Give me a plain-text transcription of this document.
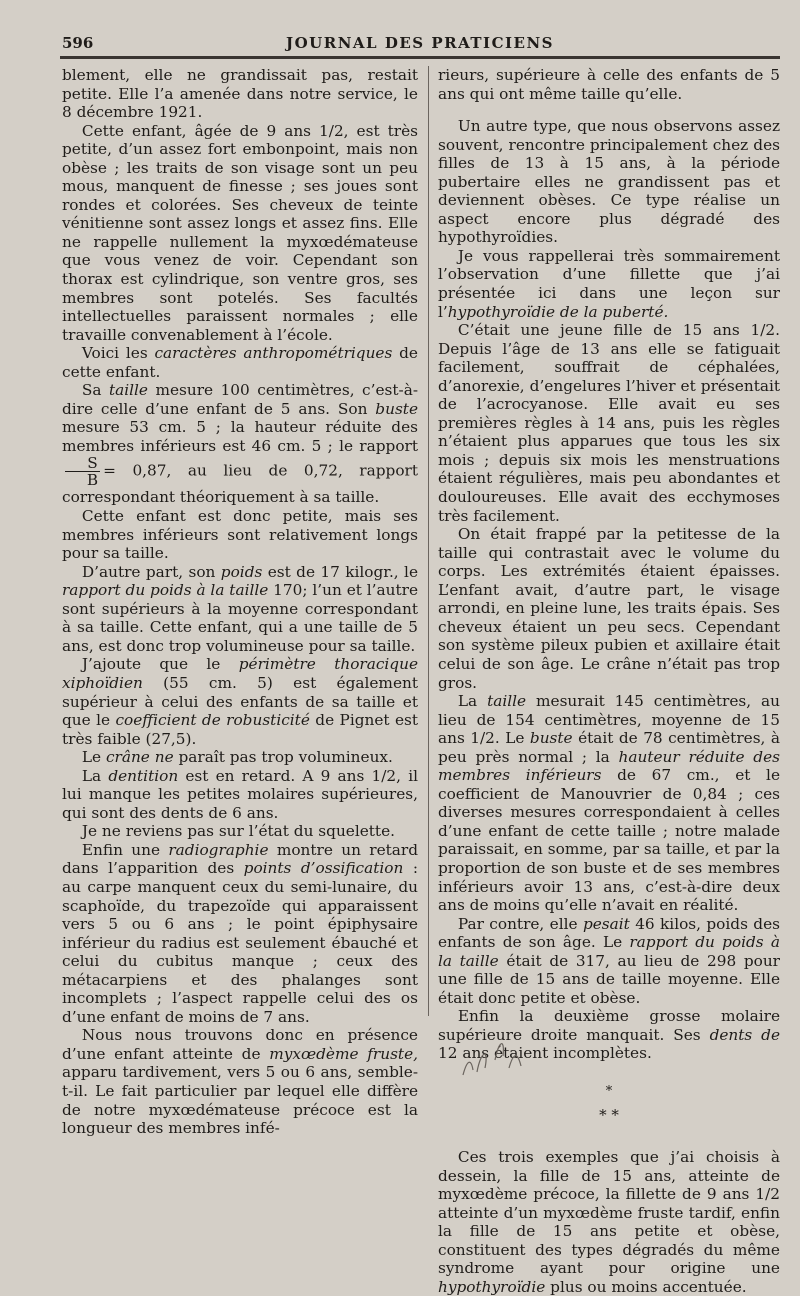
596	JOURNAL DES PRATICIENS

blement, elle ne grandissait pas, restait petite. Elle l’a amenée dans notre service, le 8 décembre 1921.

Cette enfant, âgée de 9 ans 1/2, est très petite, d’un assez fort embonpoint, mais non obèse ; les traits de son visage sont un peu mous, manquent de finesse ; ses joues sont rondes et colorées. Ses cheveux de teinte vénitienne sont assez longs et assez fins. Elle ne rappelle nullement la myxœdémateuse que vous venez de voir. Cependant son thorax est cylindrique, son ventre gros, ses membres sont potelés. Ses facultés intellectuelles paraissent normales ; elle travaille convenablement à l’école.

Voici les caractères anthropométriques de cette enfant.

Sa taille mesure 100 centimètres, c’est-à-dire celle d’une enfant de 5 ans. Son buste mesure 53 cm. 5 ; la hauteur réduite des membres inférieurs est 46 cm. 5 ; le rapport
$\frac{S}{B} = 0,87$, au lieu de 0,72, rapport correspondant théoriquement à sa taille.

Cette enfant est donc petite, mais ses membres inférieurs sont relativement longs pour sa taille.

D’autre part, son poids est de 17 kilogr., le rapport du poids à la taille 170; l’un et l’autre sont supérieurs à la moyenne correspondant à sa taille. Cette enfant, qui a une taille de 5 ans, est donc trop volumineuse pour sa taille.

J’ajoute que le périmètre thoracique xiphoïdien (55 cm. 5) est également supérieur à celui des enfants de sa taille et que le coefficient de robusticité de Pignet est très faible (27,5).

Le crâne ne paraît pas trop volumineux.

La dentition est en retard. A 9 ans 1/2, il lui manque les petites molaires supérieures, qui sont des dents de 6 ans.

Je ne reviens pas sur l’état du squelette.

Enfin une radiographie montre un retard dans l’apparition des points d’ossification : au carpe manquent ceux du semi-lunaire, du scaphoïde, du trapezoïde qui apparaissent vers 5 ou 6 ans ; le point épiphysaire inférieur du radius est seulement ébauché et celui du cubitus manque ; ceux des métacarpiens et des phalanges sont incomplets ; l’aspect rappelle celui des os d’une enfant de moins de 7 ans.

Nous nous trouvons donc en présence d’une enfant atteinte de myxœdème fruste, apparu tardivement, vers 5 ou 6 ans, semble-t-il. Le fait particulier par lequel elle diffère de notre myxœdémateuse précoce est la longueur des membres infé-

rieurs, supérieure à celle des enfants de 5 ans qui ont même taille qu’elle.

Un autre type, que nous observons assez souvent, rencontre principalement chez des filles de 13 à 15 ans, à la période pubertaire elles ne grandissent pas et deviennent obèses. Ce type réalise un aspect encore plus dégradé des hypothyroïdies.

Je vous rappellerai très sommairement l’observation d’une fillette que j’ai présentée ici dans une leçon sur l’hypothyroïdie de la puberté.

C’était une jeune fille de 15 ans 1/2. Depuis l’âge de 13 ans elle se fatiguait facilement, souffrait de céphalées, d’anorexie, d’engelures l’hiver et présentait de l’acrocyanose. Elle avait eu ses premières règles à 14 ans, puis les règles n’étaient plus apparues que tous les six mois ; depuis six mois les menstruations étaient régulières, mais peu abondantes et douloureuses. Elle avait des ecchymoses très facilement.

On était frappé par la petitesse de la taille qui contrastait avec le volume du corps. Les extrémités étaient épaisses. L’enfant avait, d’autre part, le visage arrondi, en pleine lune, les traits épais. Ses cheveux étaient un peu secs. Cependant son système pileux pubien et axillaire était celui de son âge. Le crâne n’était pas trop gros.

La taille mesurait 145 centimètres, au lieu de 154 centimètres, moyenne de 15 ans 1/2. Le buste était de 78 centimètres, à peu près normal ; la hauteur réduite des membres inférieurs de 67 cm., et le coefficient de Manouvrier de 0,84 ; ces diverses mesures correspondaient à celles d’une enfant de cette taille ; notre malade paraissait, en somme, par sa taille, et par la proportion de son buste et de ses membres inférieurs avoir 13 ans, c’est-à-dire deux ans de moins qu’elle n’avait en réalité.

Par contre, elle pesait 46 kilos, poids des enfants de son âge. Le rapport du poids à la taille était de 317, au lieu de 298 pour une fille de 15 ans de taille moyenne. Elle était donc petite et obèse.

Enfin la deuxième grosse molaire supérieure droite manquait. Ses dents de 12 ans étaient incomplètes.

*
* *

Ces trois exemples que j’ai choisis à dessein, la fille de 15 ans, atteinte de myxœdème précoce, la fillette de 9 ans 1/2 atteinte d’un myxœdème fruste tardif, enfin la fille de 15 ans petite et obèse, constituent des types dégradés du même syndrome ayant pour origine une hypothyroïdie plus ou moins accentuée.
